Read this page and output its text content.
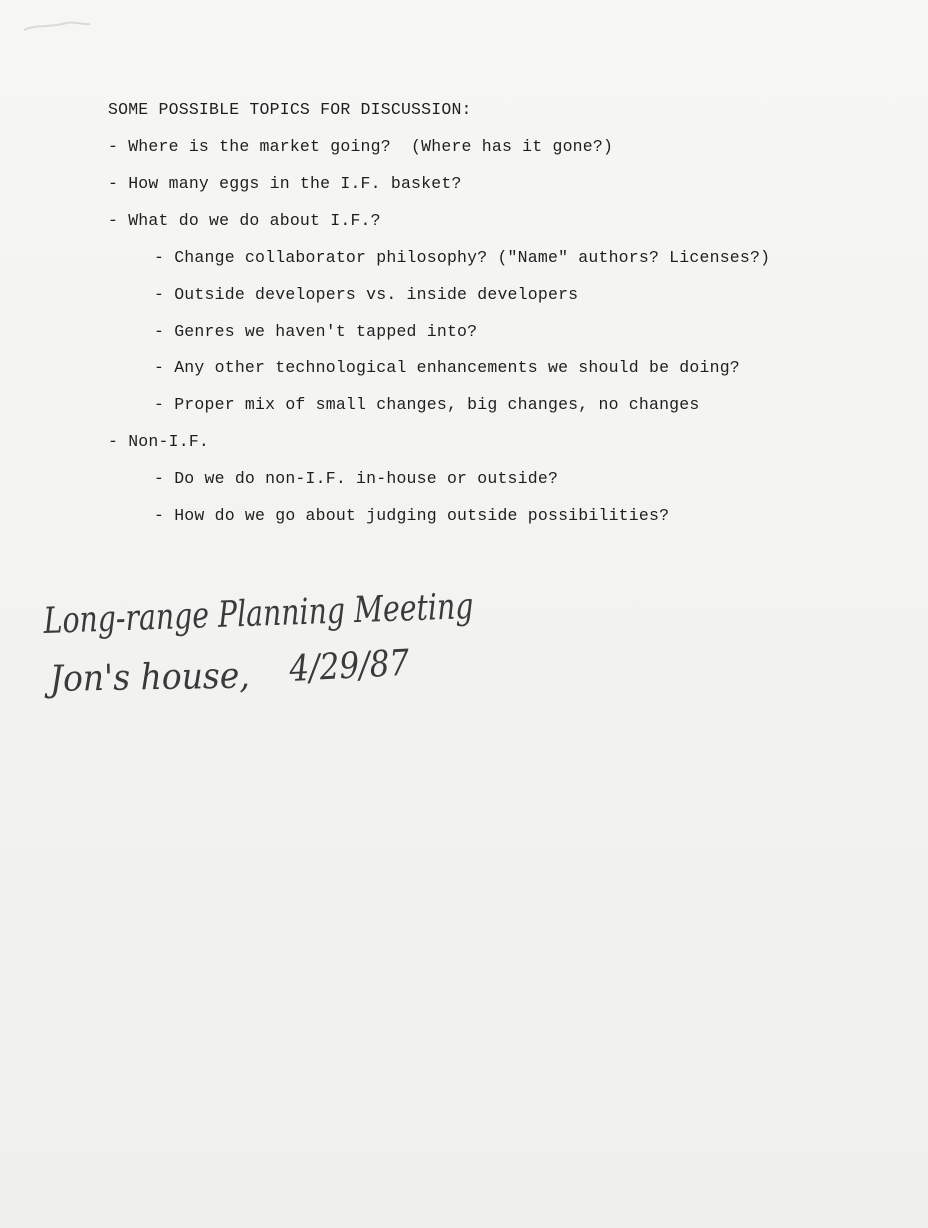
SOME POSSIBLE TOPICS FOR DISCUSSION:
- Where is the market going?  (Where has it gone?)
- How many eggs in the I.F. basket?
- What do we do about I.F.?
- Change collaborator philosophy? ("Name" authors? Licenses?)
- Outside developers vs. inside developers
- Genres we haven't tapped into?
- Any other technological enhancements we should be doing?
- Proper mix of small changes, big changes, no changes
- Non-I.F.
- Do we do non-I.F. in-house or outside?
- How do we go about judging outside possibilities?
Long-range Planning Meeting
Jon's house, 4/29/87
